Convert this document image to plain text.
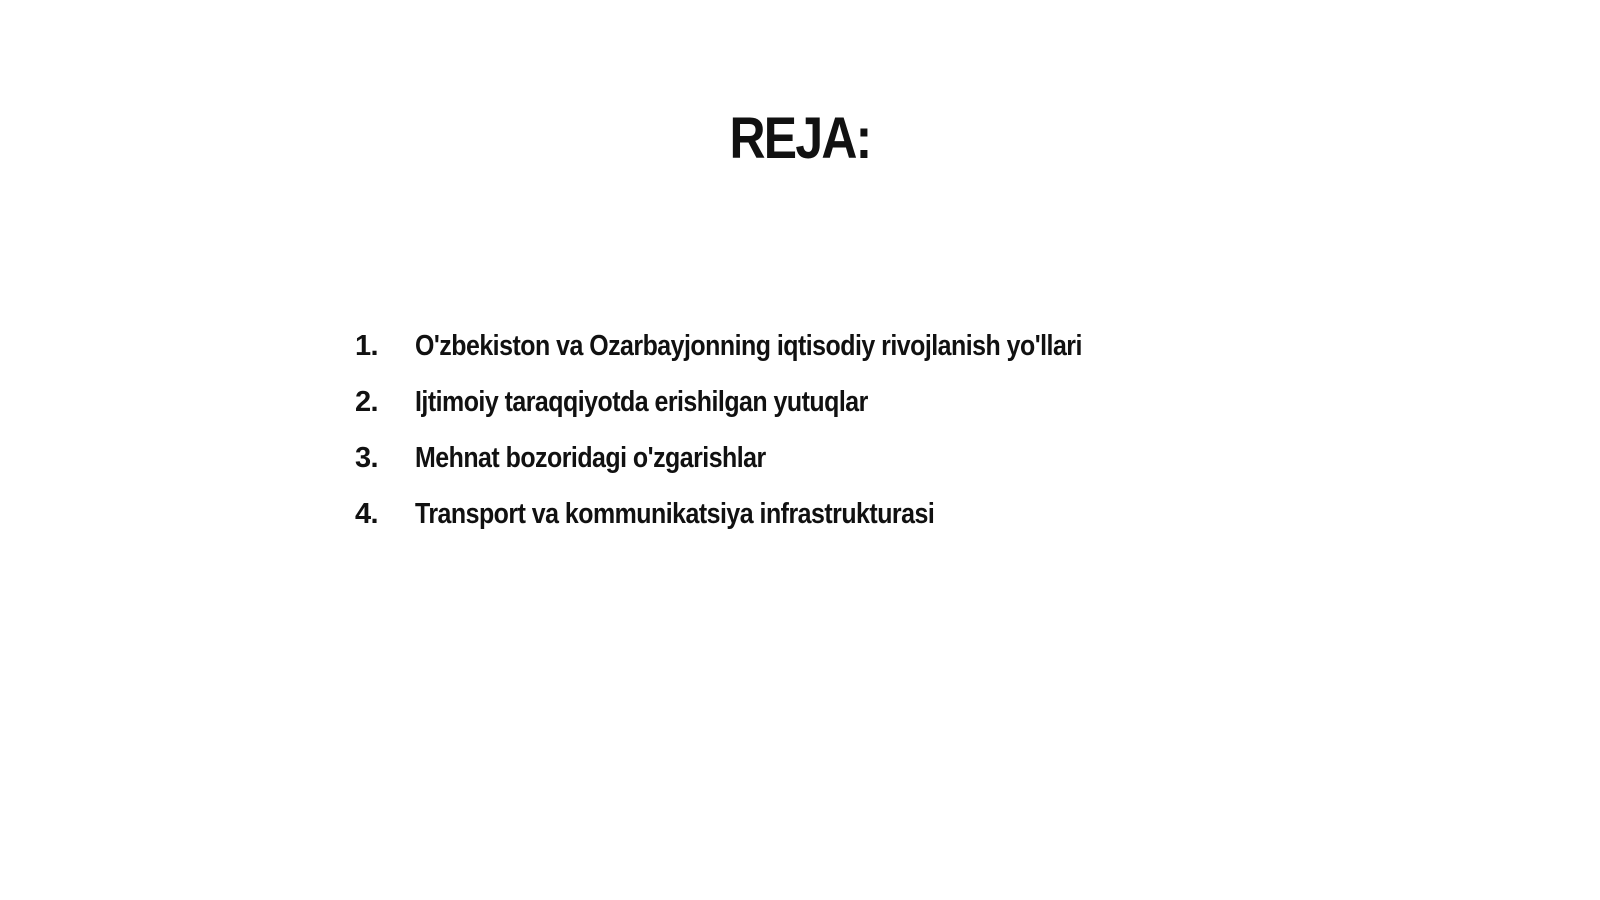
REJA:
1.	O'zbekiston va Ozarbayjonning iqtisodiy rivojlanish yo'llari
2.	Ijtimoiy taraqqiyotda erishilgan yutuqlar
3.	Mehnat bozoridagi o'zgarishlar
4.	Transport va kommunikatsiya infrastrukturasi
